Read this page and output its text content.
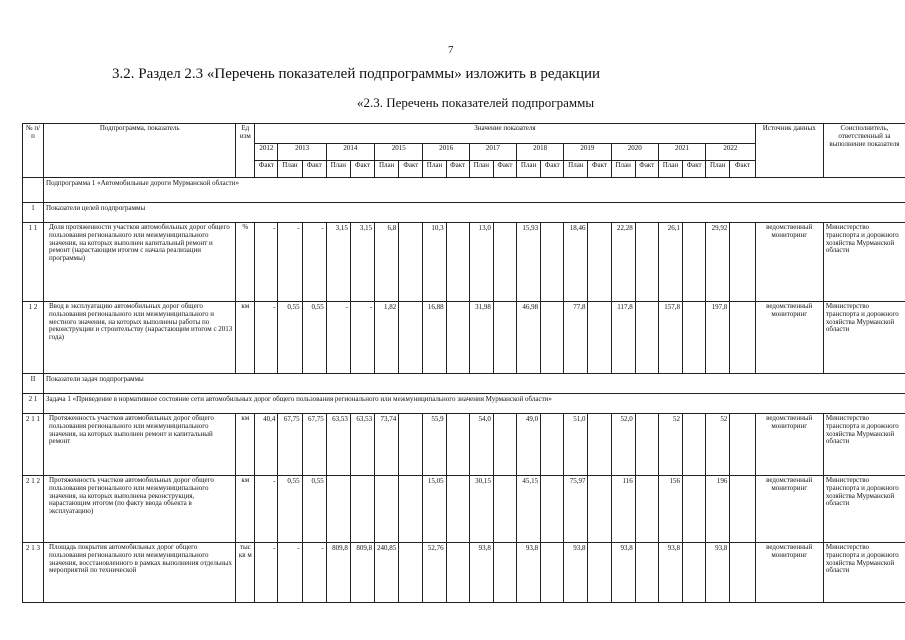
7
3.2. Раздел 2.3 «Перечень показателей подпрограммы» изложить в редакции
«2.3. Перечень показателей подпрограммы
№ п/п	Подпрограмма, показатель	Ед изм	Значение показателя																					Источник данных	Соисполнитель, ответственный за выполнение показателя
			2012	2013		2014		2015		2016		2017		2018		2019		2020		2021		2022			
			Факт	План	Факт	План	Факт	План	Факт	План	Факт	План	Факт	План	Факт	План	Факт	План	Факт	План	Факт	План	Факт		
	Подпрограмма 1 «Автомобильные дороги Мурманской области»																								
1	Показатели целей подпрограммы																								
1 1	Доля протяженности участков автомобильных дорог общего пользования регионального или межмуниципального значения, на которых выполнен капитальный ремонт и ремонт (нарастающим итогом с начала реализации программы)	%	-	-	-	3,15	3,15	6,8		10,3		13,0		15,93		18,46		22,28		26,1		29,92		ведомственный мониторинг	Министерство транспорта и дорожного хозяйства Мурманской области
1 2	Ввод в эксплуатацию автомобильных дорог общего пользования регионального или межмуниципального и местного значения, на которых выполнены работы по реконструкции и строительству (нарастающим итогом с 2013 года)	км	-	0,55	0,55	-	-	1,82		16,88		31,98		46,98		77,8		117,8		157,8		197,8		ведомственный мониторинг	Министерство транспорта и дорожного хозяйства Мурманской области
II	Показатели задач подпрограммы																								
2 1	Задача 1 «Приведение в нормативное состояние сети автомобильных дорог общего пользования регионального или межмуниципального значения Мурманской области»																								
2 1 1	Протяженность участков автомобильных дорог общего пользования регионального или межмуниципального значения, на которых выполнен ремонт и капитальный ремонт	км	40,4	67,75	67,75	63,53	63,53	73,74		55,9		54,0		49,0		51,0		52,0		52		52		ведомственный мониторинг	Министерство транспорта и дорожного хозяйства Мурманской области
2 1 2	Протяженность участков автомобильных дорог общего пользования регионального или межмуниципального значения, на которых выполнена реконструкция, нарастающим итогом (по факту ввода объекта в эксплуатацию)	км	-	0,55	0,55					15,05		30,15		45,15		75,97		116		156		196		ведомственный мониторинг	Министерство транспорта и дорожного хозяйства Мурманской области
2 1 3	Площадь покрытия автомобильных дорог общего пользования регионального или межмуниципального значения, восстановленного в рамках выполнения отдельных мероприятий по технической	тыс кв м	-	-	-	809,8	809,8	240,85		52,76		93,8		93,8		93,8		93,8		93,8		93,8		ведомственный мониторинг	Министерство транспорта и дорожного хозяйства Мурманской области
